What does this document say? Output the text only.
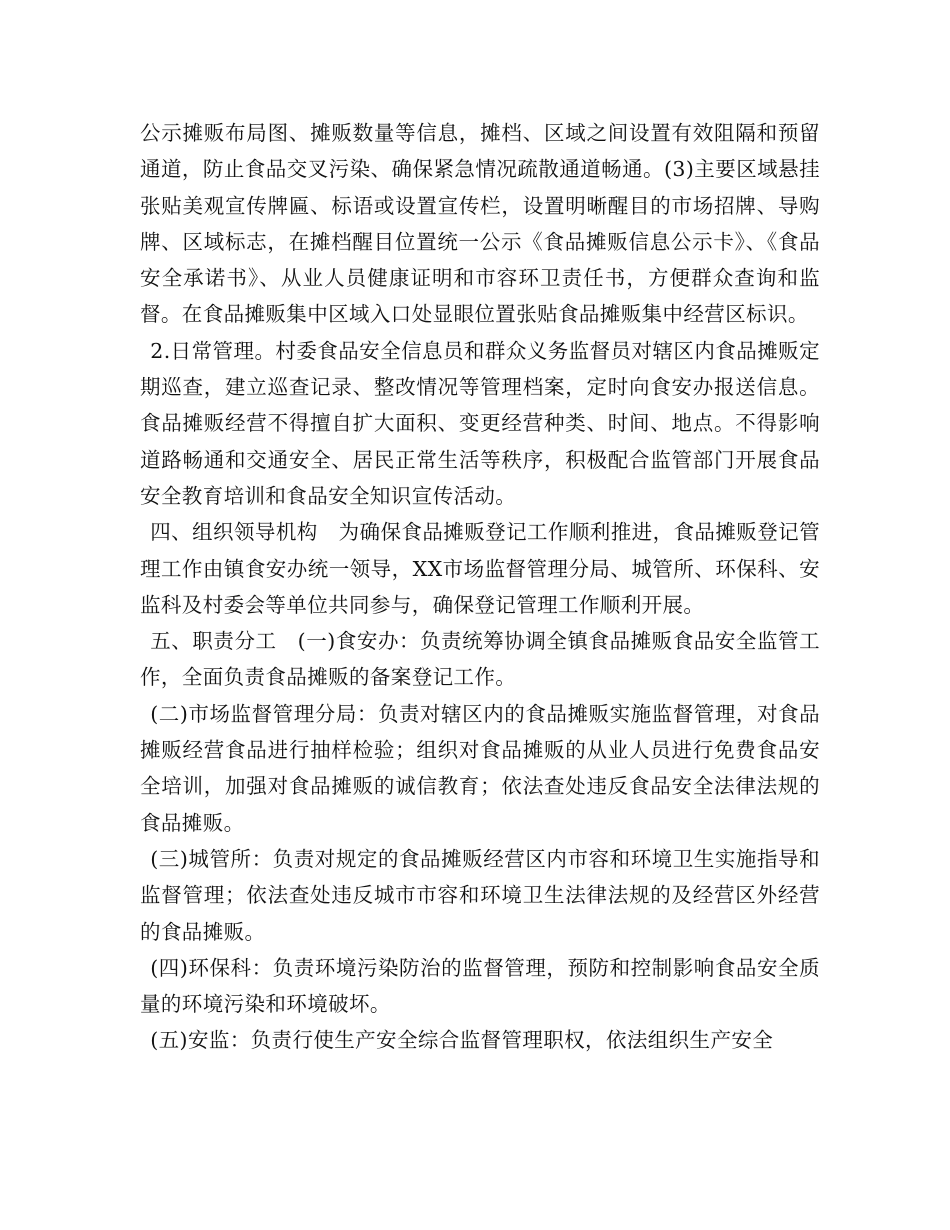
公示摊贩布局图、摊贩数量等信息，摊档、区域之间设置有效阻隔和预留通道，防止食品交叉污染、确保紧急情况疏散通道畅通。(3)主要区域悬挂张贴美观宣传牌匾、标语或设置宣传栏，设置明晰醒目的市场招牌、导购牌、区域标志，在摊档醒目位置统一公示《食品摊贩信息公示卡》、《食品安全承诺书》、从业人员健康证明和市容环卫责任书，方便群众查询和监督。在食品摊贩集中区域入口处显眼位置张贴食品摊贩集中经营区标识。

2.日常管理。村委食品安全信息员和群众义务监督员对辖区内食品摊贩定期巡查，建立巡查记录、整改情况等管理档案，定时向食安办报送信息。食品摊贩经营不得擅自扩大面积、变更经营种类、时间、地点。不得影响道路畅通和交通安全、居民正常生活等秩序，积极配合监管部门开展食品安全教育培训和食品安全知识宣传活动。

四、组织领导机构　为确保食品摊贩登记工作顺利推进，食品摊贩登记管理工作由镇食安办统一领导，XX市场监督管理分局、城管所、环保科、安监科及村委会等单位共同参与，确保登记管理工作顺利开展。

五、职责分工　(一)食安办：负责统筹协调全镇食品摊贩食品安全监管工作，全面负责食品摊贩的备案登记工作。

(二)市场监督管理分局：负责对辖区内的食品摊贩实施监督管理，对食品摊贩经营食品进行抽样检验；组织对食品摊贩的从业人员进行免费食品安全培训，加强对食品摊贩的诚信教育；依法查处违反食品安全法律法规的食品摊贩。

(三)城管所：负责对规定的食品摊贩经营区内市容和环境卫生实施指导和监督管理；依法查处违反城市市容和环境卫生法律法规的及经营区外经营的食品摊贩。

(四)环保科：负责环境污染防治的监督管理，预防和控制影响食品安全质量的环境污染和环境破坏。

(五)安监：负责行使生产安全综合监督管理职权，依法组织生产安全
